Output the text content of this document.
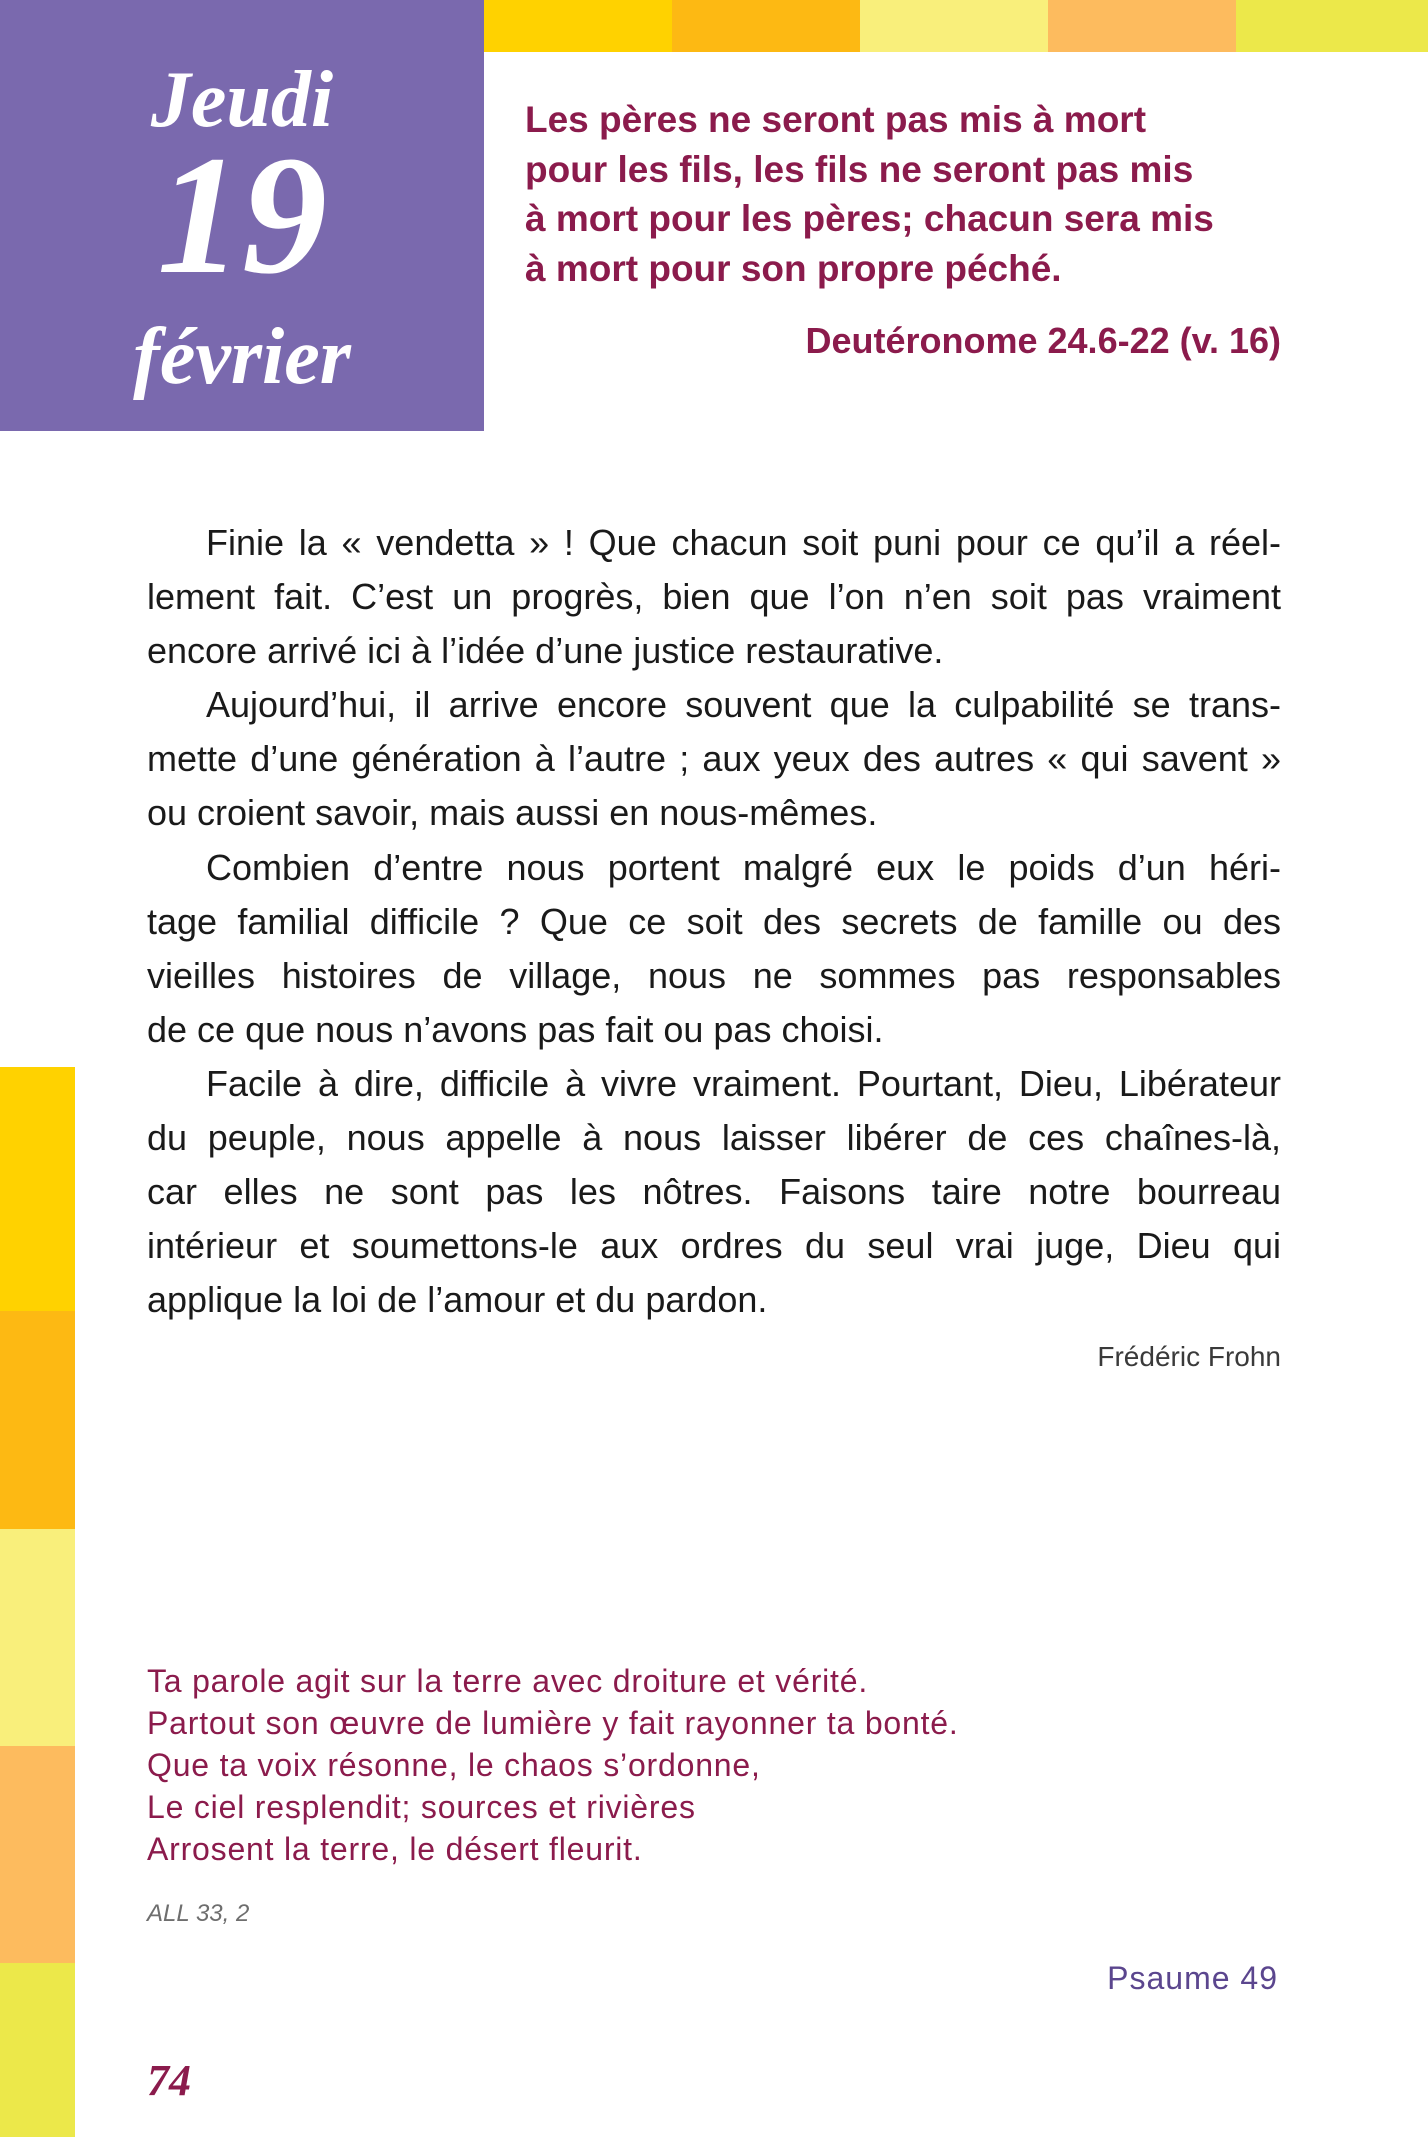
Jeudi
19
février
Les pères ne seront pas mis à mort
pour les fils, les fils ne seront pas mis
à mort pour les pères; chacun sera mis
à mort pour son propre péché.
Deutéronome 24.6-22 (v. 16)
Finie la « vendetta » ! Que chacun soit puni pour ce qu’il a réel-
lement fait. C’est un progrès, bien que l’on n’en soit pas vraiment
encore arrivé ici à l’idée d’une justice restaurative.
Aujourd’hui, il arrive encore souvent que la culpabilité se trans-
mette d’une génération à l’autre ; aux yeux des autres « qui savent »
ou croient savoir, mais aussi en nous-mêmes.
Combien d’entre nous portent malgré eux le poids d’un héri-
tage familial difficile ? Que ce soit des secrets de famille ou des
vieilles histoires de village, nous ne sommes pas responsables
de ce que nous n’avons pas fait ou pas choisi.
Facile à dire, difficile à vivre vraiment. Pourtant, Dieu, Libérateur
du peuple, nous appelle à nous laisser libérer de ces chaînes-là,
car elles ne sont pas les nôtres. Faisons taire notre bourreau
intérieur et soumettons-le aux ordres du seul vrai juge, Dieu qui
applique la loi de l’amour et du pardon.
Frédéric Frohn
Ta parole agit sur la terre avec droiture et vérité.
Partout son œuvre de lumière y fait rayonner ta bonté.
Que ta voix résonne, le chaos s’ordonne,
Le ciel resplendit; sources et rivières
Arrosent la terre, le désert fleurit.
ALL 33, 2
Psaume 49
74
